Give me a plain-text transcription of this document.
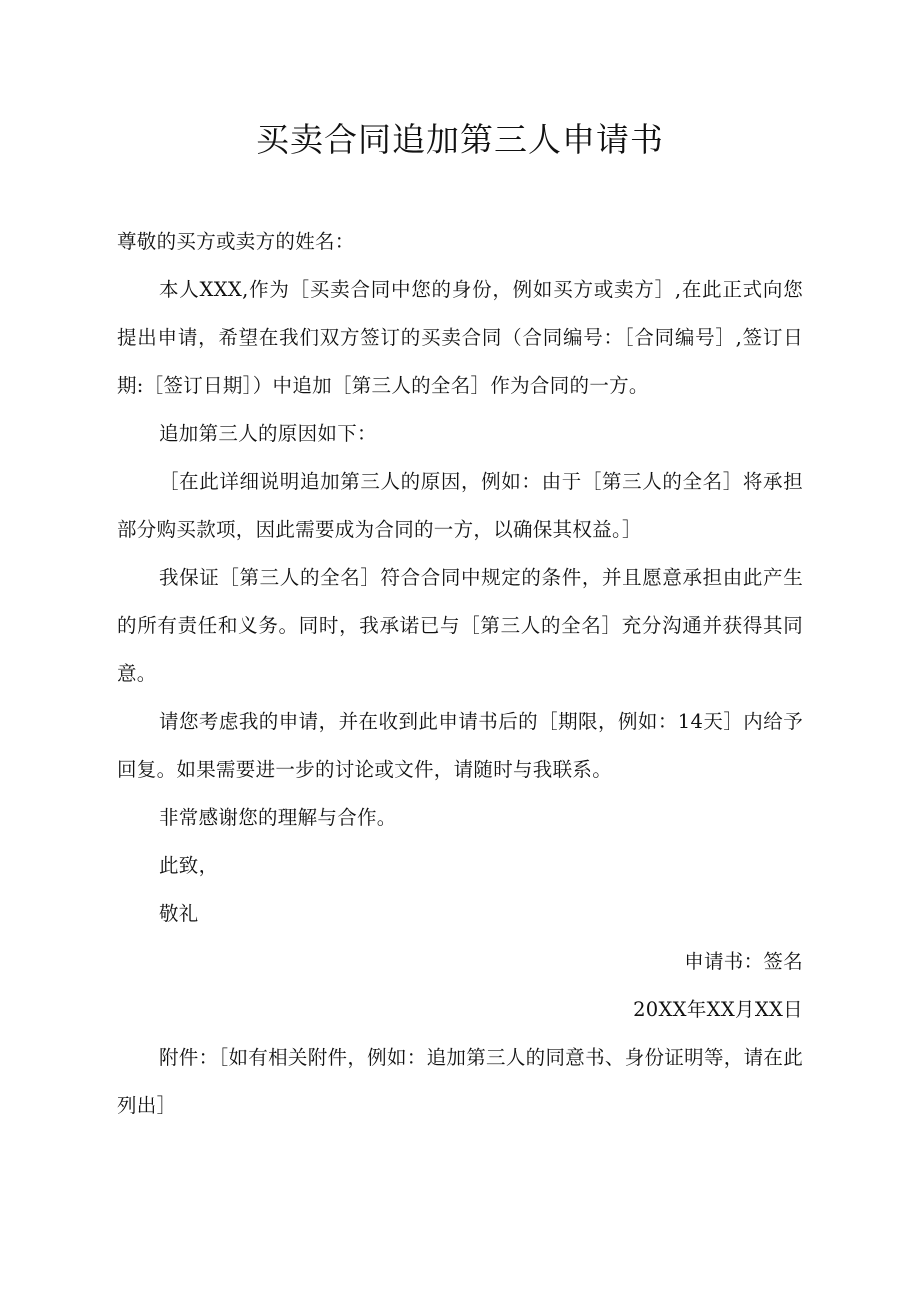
买卖合同追加第三人申请书

尊敬的买方或卖方的姓名：

本人XXX,作为［买卖合同中您的身份，例如买方或卖方］,在此正式向您提出申请，希望在我们双方签订的买卖合同（合同编号：［合同编号］,签订日期:［签订日期］）中追加［第三人的全名］作为合同的一方。

追加第三人的原因如下：

［在此详细说明追加第三人的原因，例如：由于［第三人的全名］将承担部分购买款项，因此需要成为合同的一方，以确保其权益。］

我保证［第三人的全名］符合合同中规定的条件，并且愿意承担由此产生的所有责任和义务。同时，我承诺已与［第三人的全名］充分沟通并获得其同意。

请您考虑我的申请，并在收到此申请书后的［期限，例如：14天］内给予回复。如果需要进一步的讨论或文件，请随时与我联系。

非常感谢您的理解与合作。

此致，

敬礼

申请书：签名

20XX年XX月XX日

附件：［如有相关附件，例如：追加第三人的同意书、身份证明等，请在此列出］
